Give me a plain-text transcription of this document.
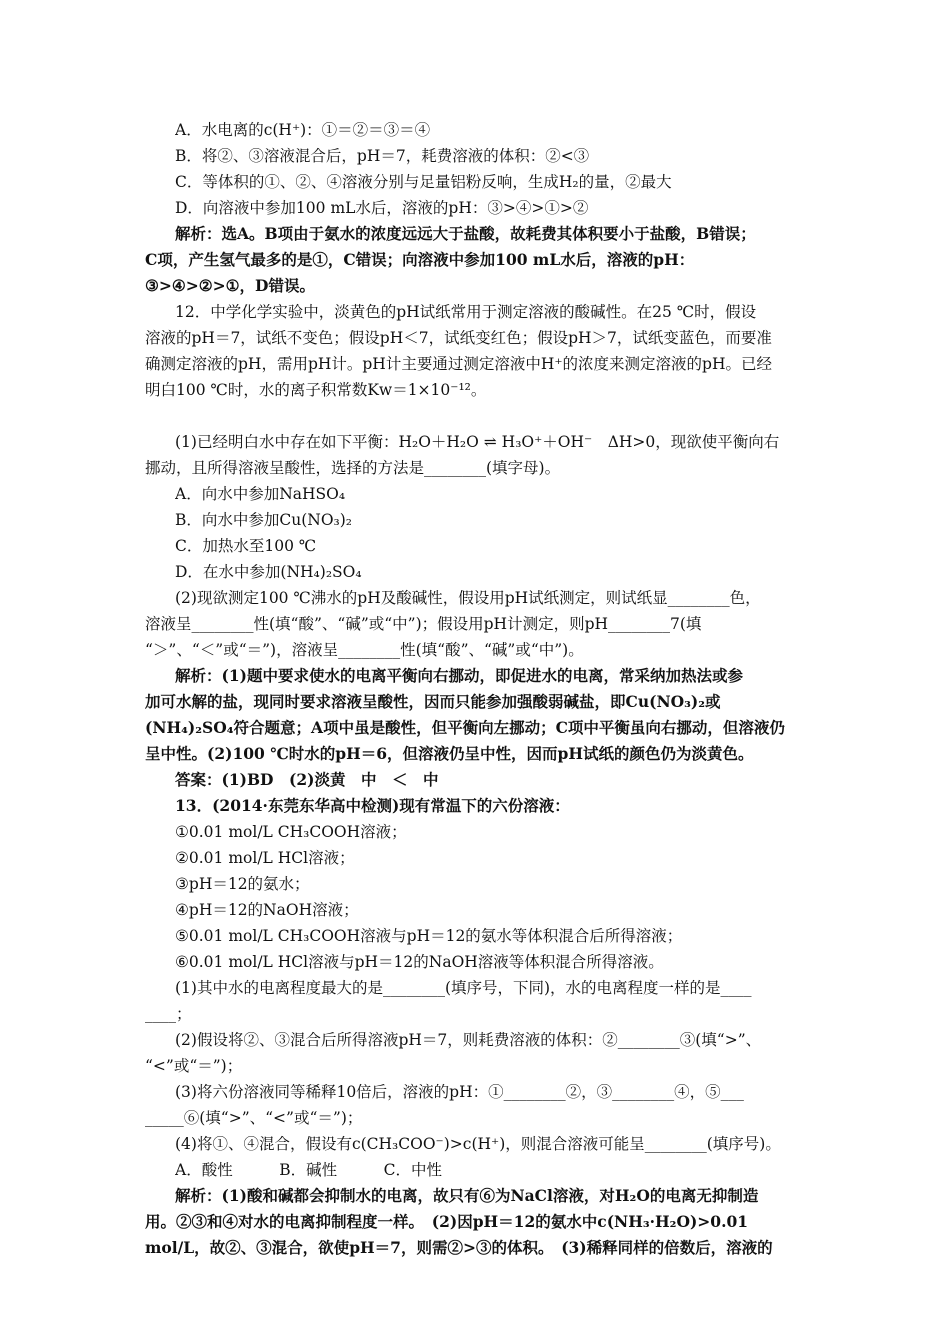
A．水电离的c(H⁺)：①＝②＝③＝④
B．将②、③溶液混合后，pH＝7，耗费溶液的体积：②<③
C．等体积的①、②、④溶液分别与足量铝粉反响，生成H₂的量，②最大
D．向溶液中参加100 mL水后，溶液的pH：③>④>①>②
解析：选A。B项由于氨水的浓度远远大于盐酸，故耗费其体积要小于盐酸，B错误；
C项，产生氢气最多的是①，C错误；向溶液中参加100 mL水后，溶液的pH：
③>④>②>①，D错误。
12．中学化学实验中，淡黄色的pH试纸常用于测定溶液的酸碱性。在25 ℃时，假设
溶液的pH＝7，试纸不变色；假设pH＜7，试纸变红色；假设pH＞7，试纸变蓝色，而要准
确测定溶液的pH，需用pH计。pH计主要通过测定溶液中H⁺的浓度来测定溶液的pH。已经
明白100 ℃时，水的离子积常数Kw＝1×10⁻¹²。
(1)已经明白水中存在如下平衡：H₂O＋H₂O ⇌ H₃O⁺＋OH⁻　ΔH>0，现欲使平衡向右
挪动，且所得溶液呈酸性，选择的方法是________(填字母)。
A．向水中参加NaHSO₄
B．向水中参加Cu(NO₃)₂
C．加热水至100 ℃
D．在水中参加(NH₄)₂SO₄
(2)现欲测定100 ℃沸水的pH及酸碱性，假设用pH试纸测定，则试纸显________色，
溶液呈________性(填“酸”、“碱”或“中”)；假设用pH计测定，则pH________7(填
“＞”、“＜”或“＝”)，溶液呈________性(填“酸”、“碱”或“中”)。
解析：(1)题中要求使水的电离平衡向右挪动，即促进水的电离，常采纳加热法或参
加可水解的盐，现同时要求溶液呈酸性，因而只能参加强酸弱碱盐，即Cu(NO₃)₂或
(NH₄)₂SO₄符合题意；A项中虽是酸性，但平衡向左挪动；C项中平衡虽向右挪动，但溶液仍
呈中性。(2)100 ℃时水的pH＝6，但溶液仍呈中性，因而pH试纸的颜色仍为淡黄色。
答案：(1)BD　(2)淡黄　中　＜　中
13．(2014·东莞东华高中检测)现有常温下的六份溶液：
①0.01 mol/L CH₃COOH溶液；
②0.01 mol/L HCl溶液；
③pH＝12的氨水；
④pH＝12的NaOH溶液；
⑤0.01 mol/L CH₃COOH溶液与pH＝12的氨水等体积混合后所得溶液；
⑥0.01 mol/L HCl溶液与pH＝12的NaOH溶液等体积混合所得溶液。
(1)其中水的电离程度最大的是________(填序号，下同)，水的电离程度一样的是____
____；
(2)假设将②、③混合后所得溶液pH＝7，则耗费溶液的体积：②________③(填“>”、
“<”或“＝”)；
(3)将六份溶液同等稀释10倍后，溶液的pH：①________②，③________④，⑤___
_____⑥(填“>”、“<”或“＝”)；
(4)将①、④混合，假设有c(CH₃COO⁻)>c(H⁺)，则混合溶液可能呈________(填序号)。
A．酸性　　　B．碱性　　　C．中性
解析：(1)酸和碱都会抑制水的电离，故只有⑥为NaCl溶液，对H₂O的电离无抑制造
用。②③和④对水的电离抑制程度一样。　(2)因pH＝12的氨水中c(NH₃·H₂O)>0.01
mol/L，故②、③混合，欲使pH＝7，则需②>③的体积。　(3)稀释同样的倍数后，溶液的
